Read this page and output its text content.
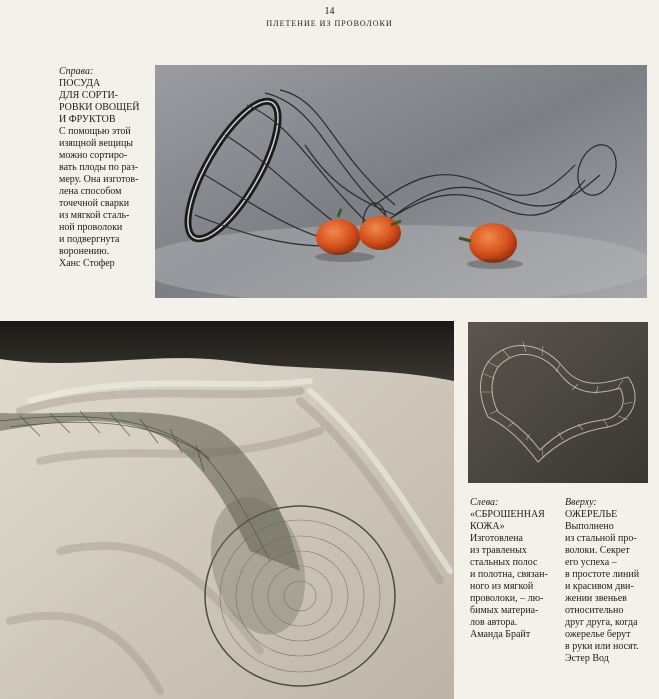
14
ПЛЕТЕНИЕ ИЗ ПРОВОЛОКИ
Справа:
ПОСУДА
ДЛЯ СОРТИ-
РОВКИ ОВОЩЕЙ
И ФРУКТОВ
С помощью этой
изящной вещицы
можно сортиро-
вать плоды по раз-
меру. Она изготов-
лена способом
точечной сварки
из мягкой сталь-
ной проволоки
и подвергнута
воронению.
Ханс Стофер
Слева:
«СБРОШЕННАЯ
КОЖА»
Изготовлена
из травленых
стальных полос
и полотна, связан-
ного из мягкой
проволоки, – лю-
бимых материа-
лов автора.
Аманда Брайт
Вверху:
ОЖЕРЕЛЬЕ
Выполнено
из стальной про-
волоки. Секрет
его успеха –
в простоте линий
и красивом дви-
жении звеньев
относительно
друг друга, когда
ожерелье берут
в руки или носят.
Эстер Вод
